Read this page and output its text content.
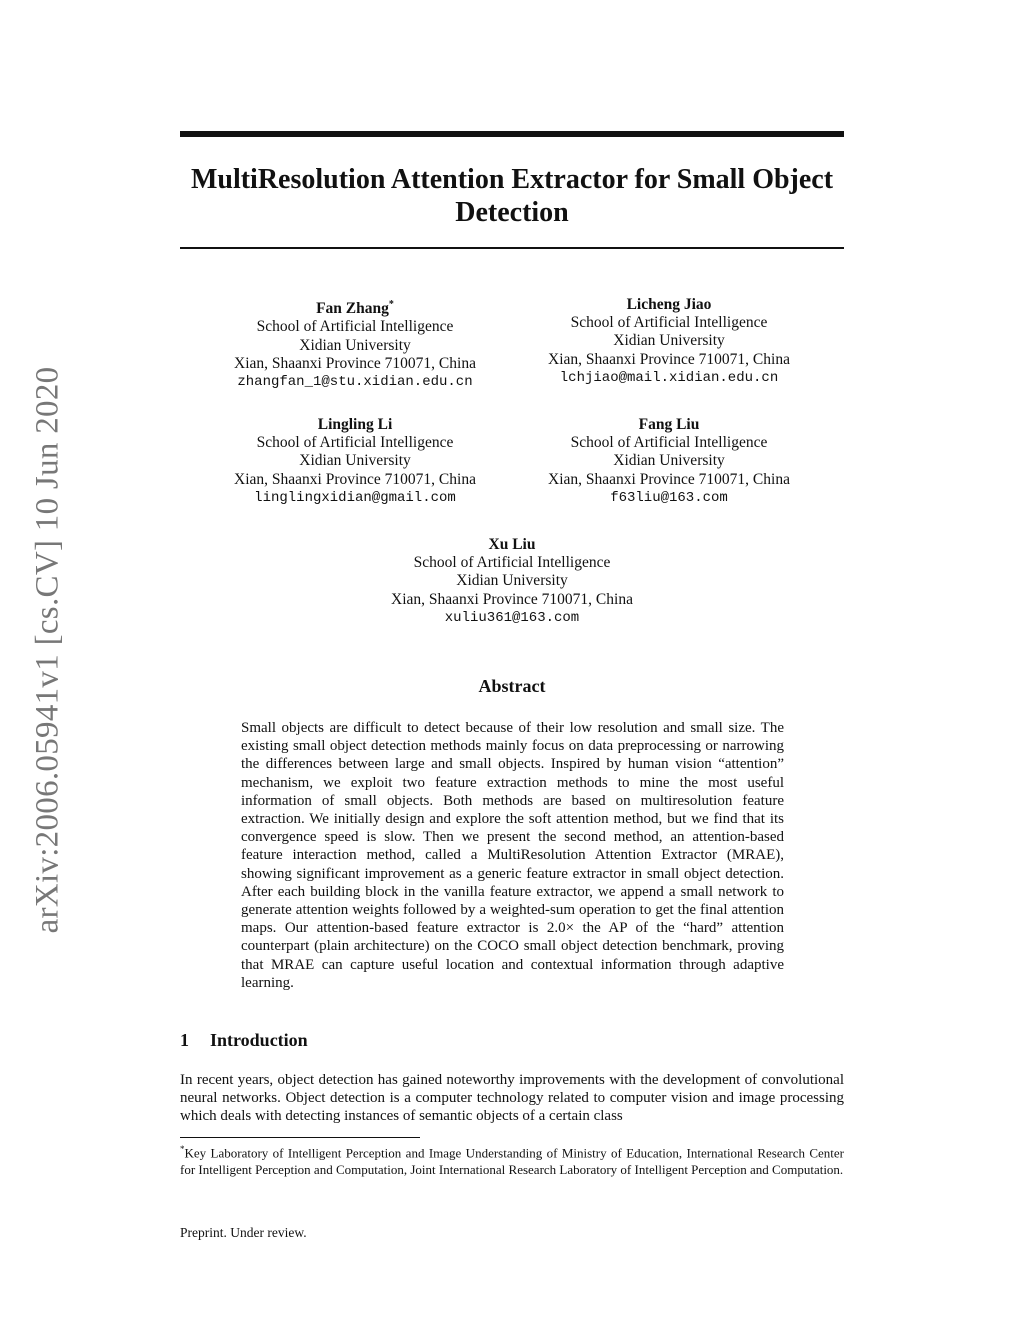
arXiv:2006.05941v1 [cs.CV] 10 Jun 2020
MultiResolution Attention Extractor for Small Object Detection
Fan Zhang*
School of Artificial Intelligence
Xidian University
Xian, Shaanxi Province 710071, China
zhangfan_1@stu.xidian.edu.cn
Licheng Jiao
School of Artificial Intelligence
Xidian University
Xian, Shaanxi Province 710071, China
lchjiao@mail.xidian.edu.cn
Lingling Li
School of Artificial Intelligence
Xidian University
Xian, Shaanxi Province 710071, China
linglingxidian@gmail.com
Fang Liu
School of Artificial Intelligence
Xidian University
Xian, Shaanxi Province 710071, China
f63liu@163.com
Xu Liu
School of Artificial Intelligence
Xidian University
Xian, Shaanxi Province 710071, China
xuliu361@163.com
Abstract
Small objects are difficult to detect because of their low resolution and small size. The existing small object detection methods mainly focus on data preprocessing or narrowing the differences between large and small objects. Inspired by human vision “attention” mechanism, we exploit two feature extraction methods to mine the most useful information of small objects. Both methods are based on multiresolution feature extraction. We initially design and explore the soft attention method, but we find that its convergence speed is slow. Then we present the second method, an attention-based feature interaction method, called a MultiResolution Attention Extractor (MRAE), showing significant improvement as a generic feature extractor in small object detection. After each building block in the vanilla feature extractor, we append a small network to generate attention weights followed by a weighted-sum operation to get the final attention maps. Our attention-based feature extractor is 2.0× the AP of the “hard” attention counterpart (plain architecture) on the COCO small object detection benchmark, proving that MRAE can capture useful location and contextual information through adaptive learning.
1 Introduction
In recent years, object detection has gained noteworthy improvements with the development of convolutional neural networks. Object detection is a computer technology related to computer vision and image processing which deals with detecting instances of semantic objects of a certain class
*Key Laboratory of Intelligent Perception and Image Understanding of Ministry of Education, International Research Center for Intelligent Perception and Computation, Joint International Research Laboratory of Intelligent Perception and Computation.
Preprint. Under review.
